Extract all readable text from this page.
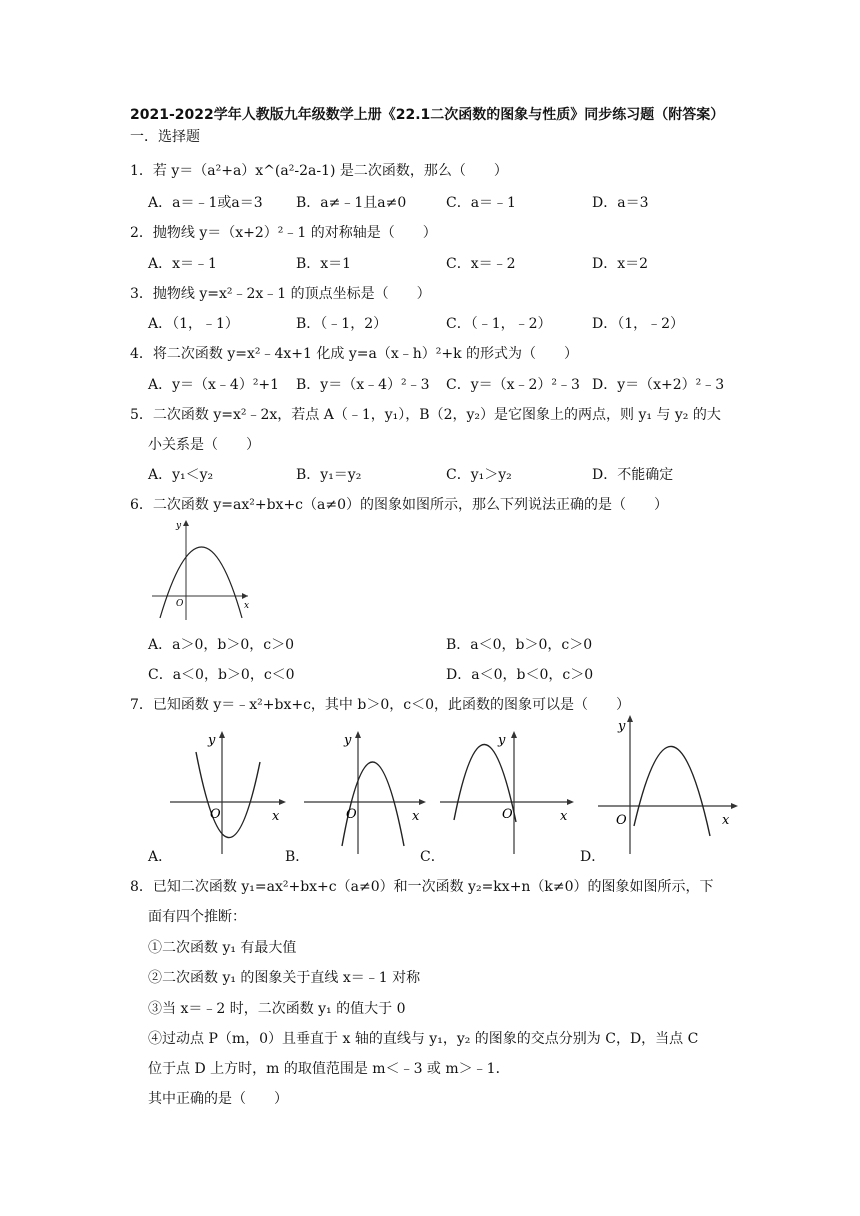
2021-2022学年人教版九年级数学上册《22.1二次函数的图象与性质》同步练习题（附答案）
一．选择题
1．若 y＝（a²+a）x^(a²-2a-1) 是二次函数，那么（　　）
A．a＝﹣1或a＝3 B．a≠﹣1且a≠0	C．a＝﹣1	D．a＝3
2．抛物线 y＝（x+2）²﹣1 的对称轴是（　　）
A．x＝﹣1	B．x＝1	C．x＝﹣2	D．x＝2
3．抛物线 y=x²﹣2x﹣1 的顶点坐标是（　　）
A．（1，﹣1）	B．（﹣1，2）	C．（﹣1，﹣2）	D．（1，﹣2）
4．将二次函数 y=x²﹣4x+1 化成 y=a（x﹣h）²+k 的形式为（　　）
A．y＝（x﹣4）²+1 B．y＝（x﹣4）²﹣3 C．y＝（x﹣2）²﹣3 D．y＝（x+2）²﹣3
5．二次函数 y=x²﹣2x，若点 A（﹣1，y₁），B（2，y₂）是它图象上的两点，则 y₁ 与 y₂ 的大
小关系是（　　）
A．y₁＜y₂	B．y₁＝y₂	C．y₁＞y₂	D．不能确定
6．二次函数 y=ax²+bx+c（a≠0）的图象如图所示，那么下列说法正确的是（　　）
y
x
O
A．a＞0，b＞0，c＞0	B．a＜0，b＞0，c＞0
C．a＜0，b＞0，c＜0	D．a＜0，b＜0，c＞0
7．已知函数 y＝﹣x²+bx+c，其中 b＞0，c＜0，此函数的图象可以是（　　）
y
x
O
A．
y
x
O
B．
y
x
O
C．
y
x
O
D．
8．已知二次函数 y₁=ax²+bx+c（a≠0）和一次函数 y₂=kx+n（k≠0）的图象如图所示，下
面有四个推断：
①二次函数 y₁ 有最大值
②二次函数 y₁ 的图象关于直线 x＝﹣1 对称
③当 x＝﹣2 时，二次函数 y₁ 的值大于 0
④过动点 P（m，0）且垂直于 x 轴的直线与 y₁，y₂ 的图象的交点分别为 C，D，当点 C
位于点 D 上方时，m 的取值范围是 m＜﹣3 或 m＞﹣1．
其中正确的是（　　）
